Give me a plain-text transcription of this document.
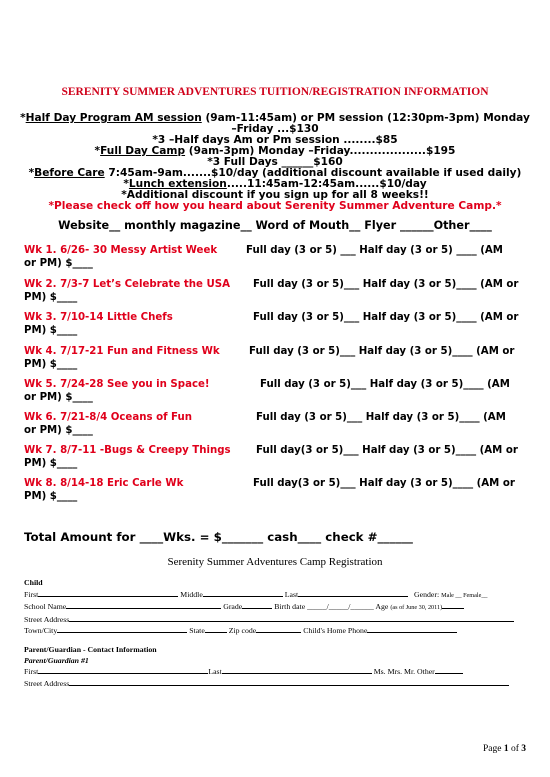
SERENITY SUMMER ADVENTURES TUITION/REGISTRATION INFORMATION
*Half Day Program AM session (9am-11:45am) or PM session (12:30pm-3pm) Monday
–Friday ...$130
*3 –Half days Am or Pm session ........$85
*Full Day Camp (9am-3pm) Monday –Friday...................$195
*3 Full Days ______$160
*Before Care 7:45am-9am.......$10/day (additional discount available if used daily)
*Lunch extension.....11:45am-12:45am......$10/day
*Additional discount if you sign up for all 8 weeks!!
*Please check off how you heard about Serenity Summer Adventure Camp.*
Website__ monthly magazine__ Word of Mouth__ Flyer ______Other____
Wk 1. 6/26- 30 Messy Artist Week	Full day (3 or 5) ___ Half day (3 or 5) ____ (AM
or PM) $____
Wk 2. 7/3-7 Let’s Celebrate the USA Full day (3 or 5)___ Half day (3 or 5)____ (AM or
PM) $____
Wk 3. 7/10-14 Little Chefs	Full day (3 or 5)___ Half day (3 or 5)____ (AM or
PM) $____
Wk 4. 7/17-21 Fun and Fitness Wk	Full day (3 or 5)___ Half day (3 or 5)____ (AM or
PM) $____
Wk 5. 7/24-28 See you in Space!	Full day (3 or 5)___ Half day (3 or 5)____ (AM
or PM) $____
Wk 6. 7/21-8/4 Oceans of Fun	Full day (3 or 5)___ Half day (3 or 5)____ (AM
or PM) $____
Wk 7. 8/7-11 -Bugs & Creepy Things Full day(3 or 5)___ Half day (3 or 5)____ (AM or
PM) $____
Wk 8. 8/14-18 Eric Carle Wk	Full day(3 or 5)___ Half day (3 or 5)____ (AM or
PM) $____
Total Amount for ____Wks. = $_______ cash____ check #______
Serenity Summer Adventures Camp Registration
Child
First	Middle	Last	Gender: Male __ Female__
School Name	Grade	Birth date _____/_____/______ Age (as of June 30, 2011)
Street Address
Town/City	State	Zip code	Child's Home Phone
Parent/Guardian - Contact Information
Parent/Guardian #1
First	Last	Ms. Mrs. Mr. Other
Street Address
Page 1 of 3
